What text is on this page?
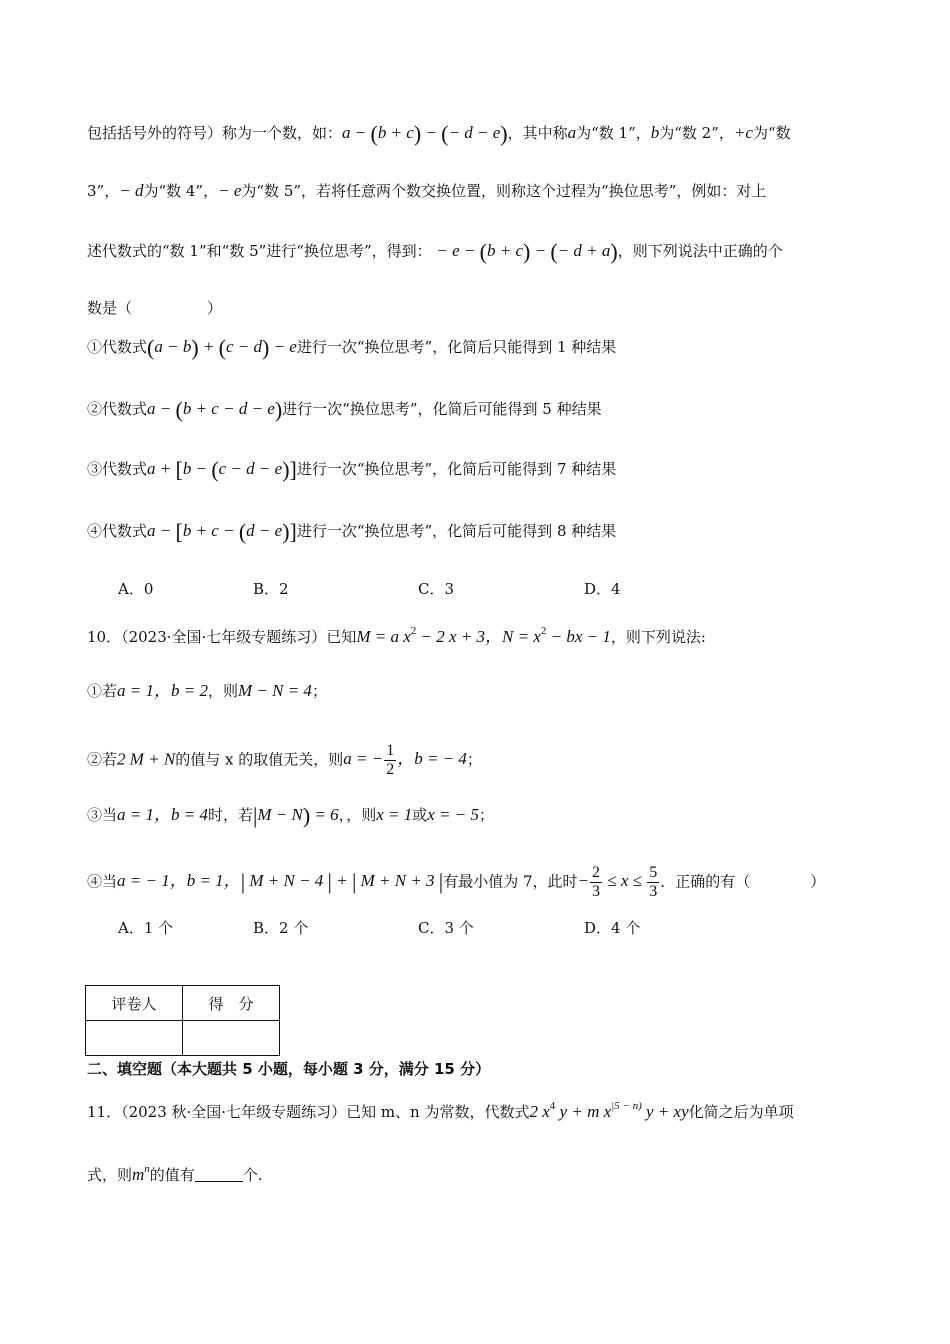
包括括号外的符号）称为一个数，如：a − (b + c) − (− d − e)，其中称a为“数 1”，b为“数 2”，+c为“数
3”，− d为“数 4”，− e为“数 5”，若将任意两个数交换位置，则称这个过程为“换位思考”，例如：对上
述代数式的“数 1”和“数 5”进行“换位思考”，得到： − e − (b + c) − (− d + a)，则下列说法中正确的个
数是（　　　　　）
①代数式(a − b) + (c − d) − e进行一次“换位思考”，化简后只能得到 1 种结果
②代数式a − (b + c − d − e)进行一次“换位思考”，化简后可能得到 5 种结果
③代数式a + [b − (c − d − e)]进行一次“换位思考”，化简后可能得到 7 种结果
④代数式a − [b + c − (d − e)]进行一次“换位思考”，化简后可能得到 8 种结果
A．0	B．2	C．3	D．4
10．（2023·全国·七年级专题练习）已知M = a $x^2 - 2$ x + 3，$N = x^2$ − bx − 1，则下列说法:
①若a = 1，b = 2，则M − N = 4；
②若2 M + N的值与 x 的取值无关，则a = − $\frac{1}{2}$ ，b = − 4；
③当a = 1，b = 4时，若|M − N) = 6，，则x = 1或x = − 5；
④当a = − 1，b = 1，| M + N − 4 | + | M + N + 3 |有最小值为 7，此时− $\frac{2}{3} \le x \le \frac{5}{3}$ ．正确的有（　　　　）
A．1 个	B．2 个	C．3 个	D．4 个
评卷人	得　分

二、填空题（本大题共 5 小题，每小题 3 分，满分 15 分）
11．（2023 秋·全国·七年级专题练习）已知 m、n 为常数，代数式2 $x^4$ y + m $x^{|5 - n)}$ y + xy化简之后为单项
式，则$m^n$的值有	个.
